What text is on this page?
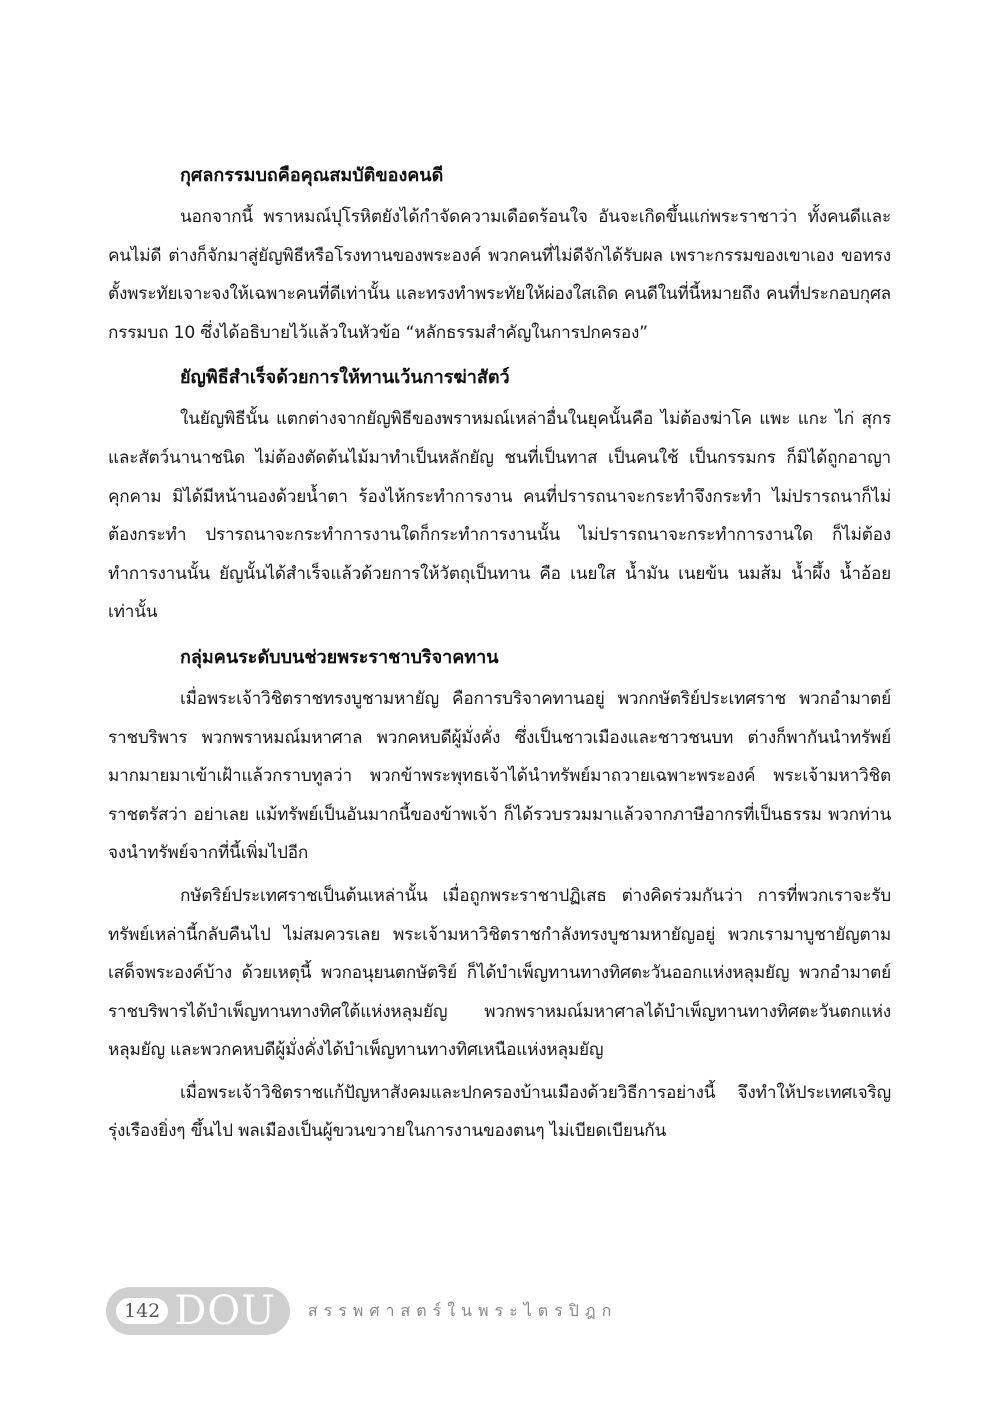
กุศลกรรมบถคือคุณสมบัติของคนดี

นอกจากนี้ พราหมณ์ปุโรหิตยังได้กำจัดความเดือดร้อนใจ อันจะเกิดขึ้นแก่พระราชาว่า ทั้งคนดีและคนไม่ดี ต่างก็จักมาสู่ยัญพิธีหรือโรงทานของพระองค์ พวกคนที่ไม่ดีจักได้รับผล เพราะกรรมของเขาเอง ขอทรงตั้งพระทัยเจาะจงให้เฉพาะคนที่ดีเท่านั้น และทรงทำพระทัยให้ผ่องใสเถิด คนดีในที่นี้หมายถึง คนที่ประกอบกุศลกรรมบถ 10 ซึ่งได้อธิบายไว้แล้วในหัวข้อ “หลักธรรมสำคัญในการปกครอง”

ยัญพิธีสำเร็จด้วยการให้ทานเว้นการฆ่าสัตว์

ในยัญพิธีนั้น แตกต่างจากยัญพิธีของพราหมณ์เหล่าอื่นในยุคนั้นคือ ไม่ต้องฆ่าโค แพะ แกะ ไก่ สุกร และสัตว์นานาชนิด ไม่ต้องตัดต้นไม้มาทำเป็นหลักยัญ ชนที่เป็นทาส เป็นคนใช้ เป็นกรรมกร ก็มิได้ถูกอาญาคุกคาม มิได้มีหน้านองด้วยน้ำตา ร้องไห้กระทำการงาน คนที่ปรารถนาจะกระทำจึงกระทำ ไม่ปรารถนาก็ไม่ต้องกระทำ ปรารถนาจะกระทำการงานใดก็กระทำการงานนั้น ไม่ปรารถนาจะกระทำการงานใด ก็ไม่ต้องทำการงานนั้น ยัญนั้นได้สำเร็จแล้วด้วยการให้วัตถุเป็นทาน คือ เนยใส น้ำมัน เนยข้น นมส้ม น้ำผึ้ง น้ำอ้อย เท่านั้น

กลุ่มคนระดับบนช่วยพระราชาบริจาคทาน

เมื่อพระเจ้าวิชิตราชทรงบูชามหายัญ คือการบริจาคทานอยู่ พวกกษัตริย์ประเทศราช พวกอำมาตย์ราชบริพาร พวกพราหมณ์มหาศาล พวกคหบดีผู้มั่งคั่ง ซึ่งเป็นชาวเมืองและชาวชนบท ต่างก็พากันนำทรัพย์มากมายมาเข้าเฝ้าแล้วกราบทูลว่า พวกข้าพระพุทธเจ้าได้นำทรัพย์มาถวายเฉพาะพระองค์ พระเจ้ามหาวิชิตราชตรัสว่า อย่าเลย แม้ทรัพย์เป็นอันมากนี้ของข้าพเจ้า ก็ได้รวบรวมมาแล้วจากภาษีอากรที่เป็นธรรม พวกท่านจงนำทรัพย์จากที่นี้เพิ่มไปอีก

กษัตริย์ประเทศราชเป็นต้นเหล่านั้น เมื่อถูกพระราชาปฏิเสธ ต่างคิดร่วมกันว่า การที่พวกเราจะรับทรัพย์เหล่านี้กลับคืนไป ไม่สมควรเลย พระเจ้ามหาวิชิตราชกำลังทรงบูชามหายัญอยู่ พวกเรามาบูชายัญตามเสด็จพระองค์บ้าง ด้วยเหตุนี้ พวกอนุยนตกษัตริย์ ก็ได้บำเพ็ญทานทางทิศตะวันออกแห่งหลุมยัญ พวกอำมาตย์ราชบริพารได้บำเพ็ญทานทางทิศใต้แห่งหลุมยัญ พวกพราหมณ์มหาศาลได้บำเพ็ญทานทางทิศตะวันตกแห่งหลุมยัญ และพวกคหบดีผู้มั่งคั่งได้บำเพ็ญทานทางทิศเหนือแห่งหลุมยัญ

เมื่อพระเจ้าวิชิตราชแก้ปัญหาสังคมและปกครองบ้านเมืองด้วยวิธีการอย่างนี้ จึงทำให้ประเทศเจริญรุ่งเรืองยิ่งๆ ขึ้นไป พลเมืองเป็นผู้ขวนขวายในการงานของตนๆ ไม่เบียดเบียนกัน

142 DOU สรรพศาสตร์ในพระไตรปิฎก
